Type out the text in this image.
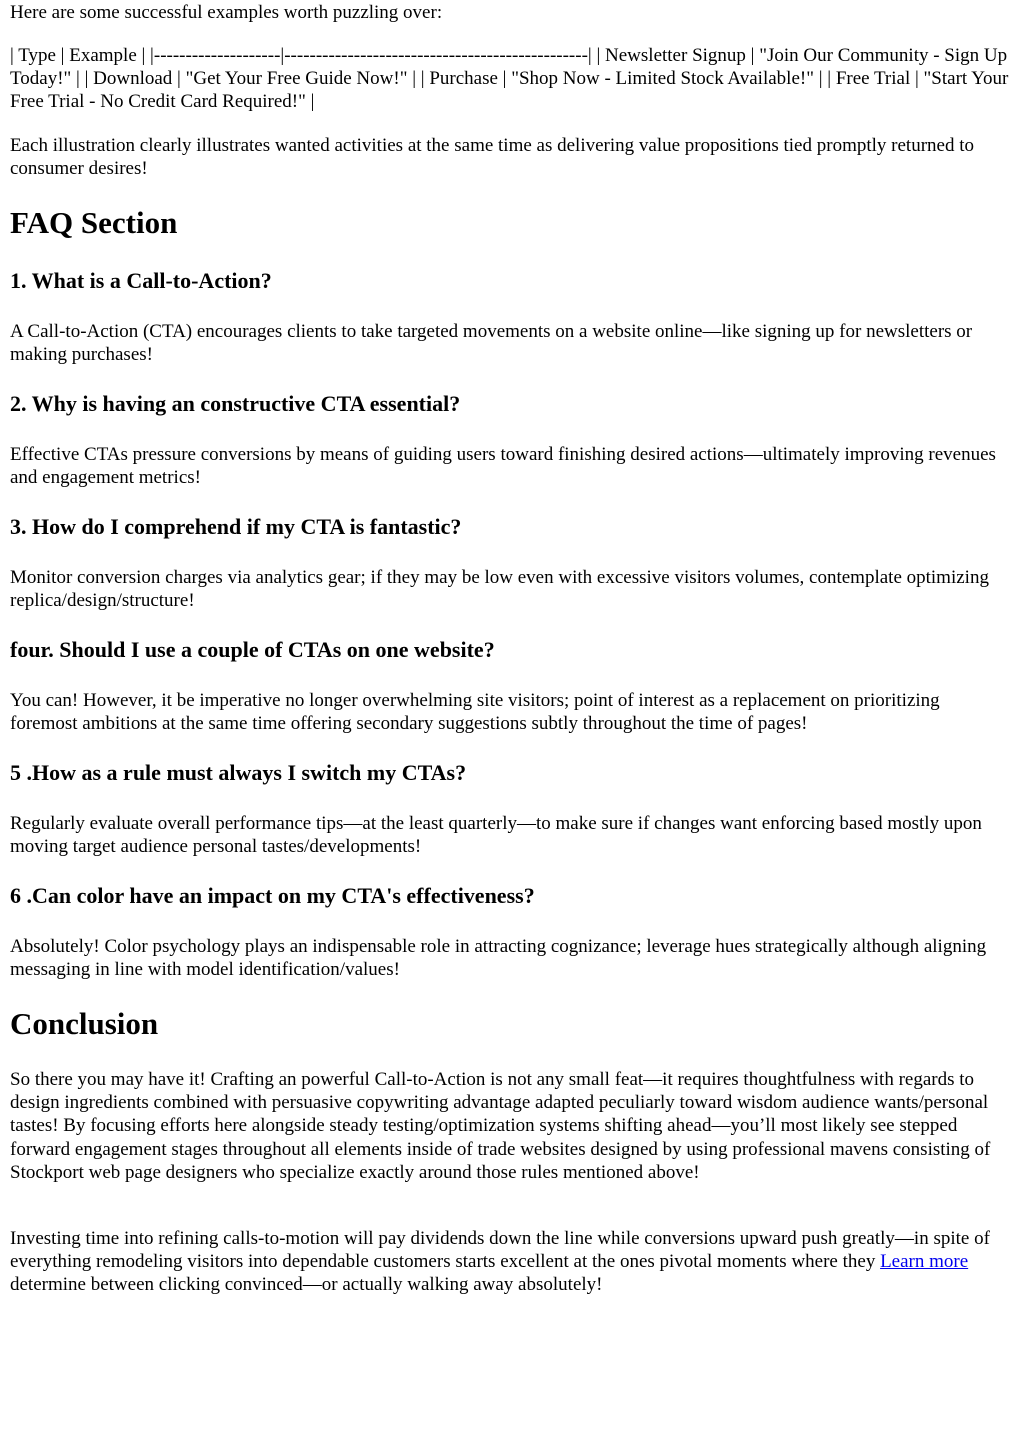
Here are some successful examples worth puzzling over:

| Type | Example | |--------------------|------------------------------------------------| | Newsletter Signup | "Join Our Community - Sign Up Today!" | | Download | "Get Your Free Guide Now!" | | Purchase | "Shop Now - Limited Stock Available!" | | Free Trial | "Start Your Free Trial - No Credit Card Required!" |

Each illustration clearly illustrates wanted activities at the same time as delivering value propositions tied promptly returned to consumer desires!

FAQ Section
1. What is a Call-to-Action?

A Call-to-Action (CTA) encourages clients to take targeted movements on a website online—like signing up for newsletters or making purchases!

2. Why is having an constructive CTA essential?

Effective CTAs pressure conversions by means of guiding users toward finishing desired actions—ultimately improving revenues and engagement metrics!

3. How do I comprehend if my CTA is fantastic?

Monitor conversion charges via analytics gear; if they may be low even with excessive visitors volumes, contemplate optimizing replica/design/structure!

four. Should I use a couple of CTAs on one website?

You can! However, it be imperative no longer overwhelming site visitors; point of interest as a replacement on prioritizing foremost ambitions at the same time offering secondary suggestions subtly throughout the time of pages!

5 .How as a rule must always I switch my CTAs?

Regularly evaluate overall performance tips—at the least quarterly—to make sure if changes want enforcing based mostly upon moving target audience personal tastes/developments!

6 .Can color have an impact on my CTA's effectiveness?

Absolutely! Color psychology plays an indispensable role in attracting cognizance; leverage hues strategically although aligning messaging in line with model identification/values!

Conclusion

So there you may have it! Crafting an powerful Call-to-Action is not any small feat—it requires thoughtfulness with regards to design ingredients combined with persuasive copywriting advantage adapted peculiarly toward wisdom audience wants/personal tastes! By focusing efforts here alongside steady testing/optimization systems shifting ahead—you’ll most likely see stepped forward engagement stages throughout all elements inside of trade websites designed by using professional mavens consisting of Stockport web page designers who specialize exactly around those rules mentioned above!

Investing time into refining calls-to-motion will pay dividends down the line while conversions upward push greatly—in spite of everything remodeling visitors into dependable customers starts excellent at the ones pivotal moments where they Learn more determine between clicking convinced—or actually walking away absolutely!
